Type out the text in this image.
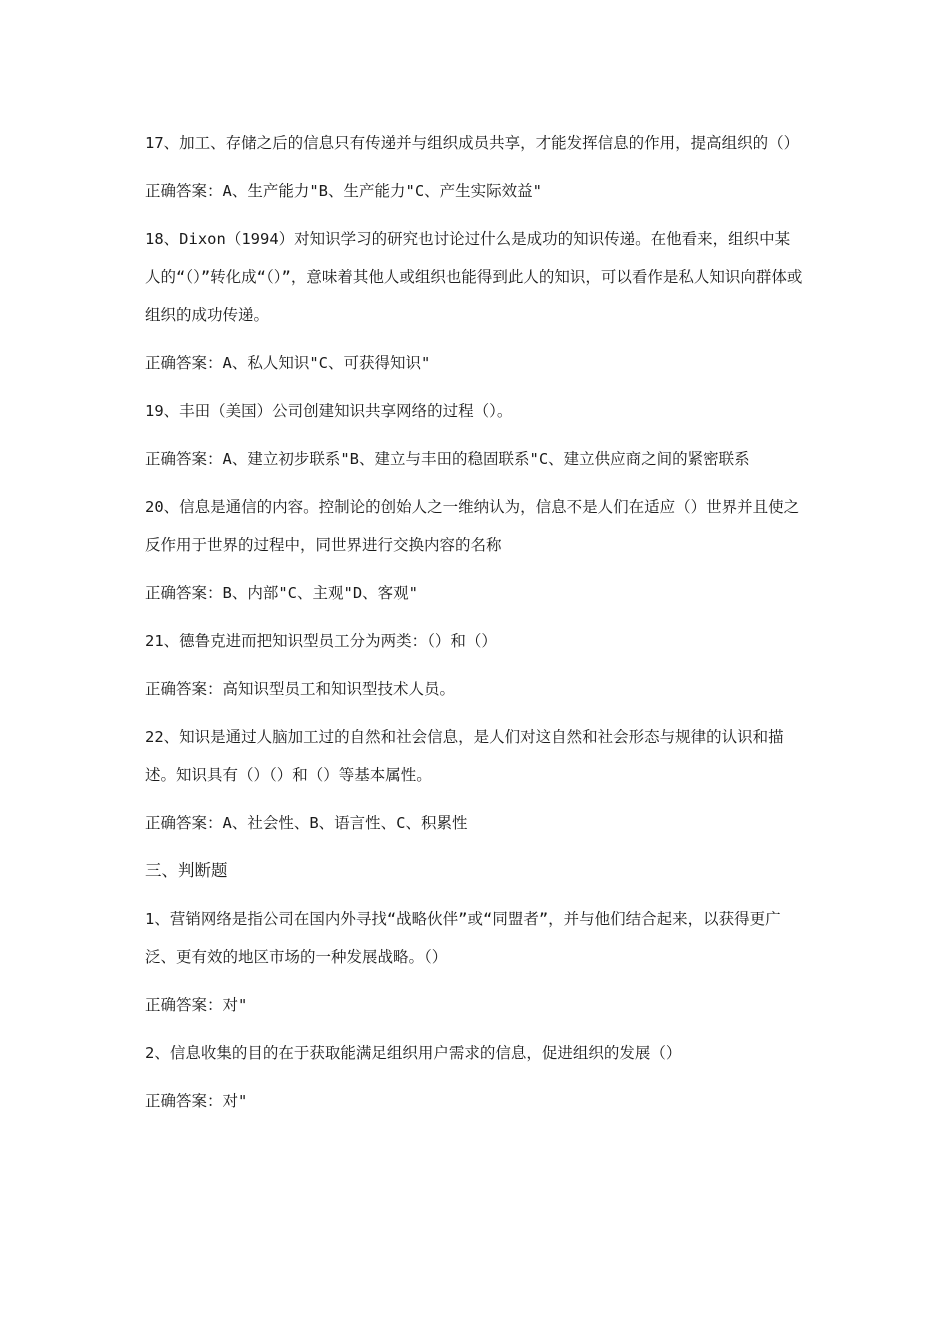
17、加工、存储之后的信息只有传递并与组织成员共享，才能发挥信息的作用，提高组织的（）

正确答案：A、生产能力"B、生产能力"C、产生实际效益"

18、Dixon（1994）对知识学习的研究也讨论过什么是成功的知识传递。在他看来，组织中某人的“（）”转化成“（）”，意味着其他人或组织也能得到此人的知识，可以看作是私人知识向群体或组织的成功传递。

正确答案：A、私人知识"C、可获得知识"

19、丰田（美国）公司创建知识共享网络的过程（）。

正确答案：A、建立初步联系"B、建立与丰田的稳固联系"C、建立供应商之间的紧密联系

20、信息是通信的内容。控制论的创始人之一维纳认为，信息不是人们在适应（）世界并且使之反作用于世界的过程中，同世界进行交换内容的名称

正确答案：B、内部"C、主观"D、客观"

21、德鲁克进而把知识型员工分为两类：（）和（）

正确答案：高知识型员工和知识型技术人员。

22、知识是通过人脑加工过的自然和社会信息，是人们对这自然和社会形态与规律的认识和描述。知识具有（）（）和（）等基本属性。

正确答案：A、社会性、B、语言性、C、积累性

三、判断题

1、营销网络是指公司在国内外寻找“战略伙伴”或“同盟者”，并与他们结合起来，以获得更广泛、更有效的地区市场的一种发展战略。（）

正确答案：对"

2、信息收集的目的在于获取能满足组织用户需求的信息，促进组织的发展（）

正确答案：对"
